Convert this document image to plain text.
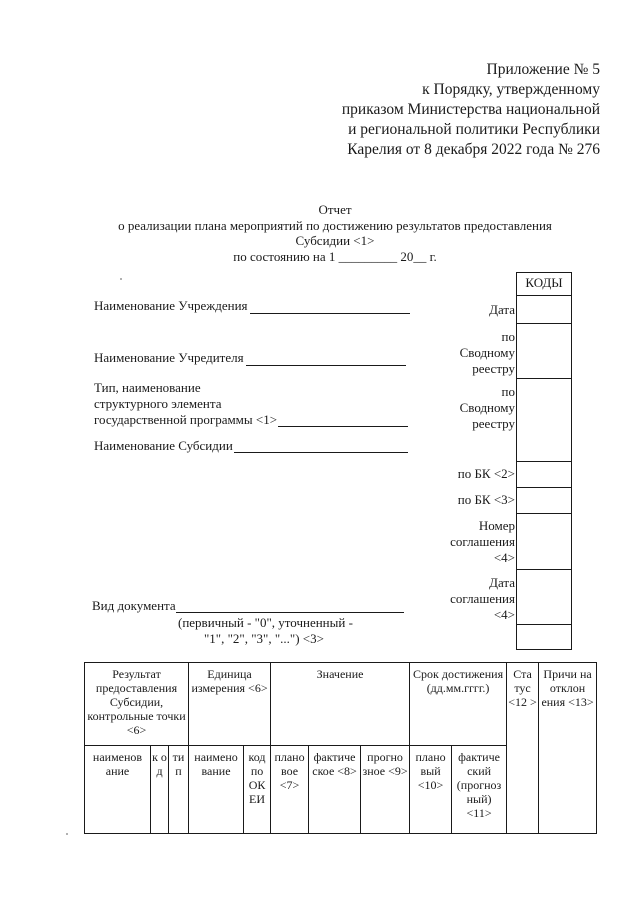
Приложение № 5
к Порядку, утвержденному
приказом Министерства национальной
и региональной политики Республики
Карелия от 8 декабря 2022 года № 276
Отчет
о реализации плана мероприятий по достижению результатов предоставления
Субсидии <1>
по состоянию на 1 _________ 20__ г.
Наименование Учреждения
Наименование Учредителя
Тип, наименование
структурного элемента
государственной программы <1>
Наименование Субсидии
Вид документа
(первичный - "0", уточненный -
"1", "2", "3", "...") <3>
Дата
по
Сводному
реестру
по
Сводному
реестру
по БК <2>
по БК <3>
Номер
соглашения
<4>
Дата
соглашения
<4>
КОДЫ
Результат предоставления Субсидии, контрольные точки <6>			Единица измерения <6>		Значение			Срок достижения (дд.мм.гггг.)		Ста тус <12 >	Причи на отклон ения <13>
наименов ание	к о д	ти п	наимено вание	код по ОК ЕИ	плано вое <7>	фактиче ское <8>	прогно зное <9>	плано вый <10>	фактиче ский (прогноз ный) <11>		
